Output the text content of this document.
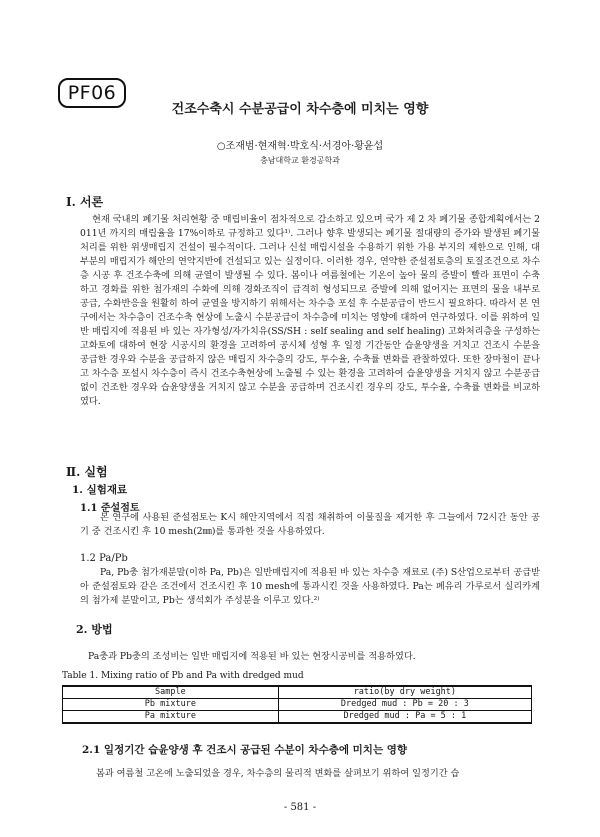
PF06
건조수축시 수분공급이 차수층에 미치는 영향
○조재범·현재혁·박호식·서경아·황윤섭
충남대학교 환경공학과
Ⅰ. 서론

현재 국내의 폐기물 처리현황 중 매립비율이 점차적으로 감소하고 있으며 국가 제 2 차 폐기물 종합계획에서는 2011년 까지의 매립율을 17%이하로 규정하고 있다¹⁾. 그러나 향후 발생되는 폐기물 절대량의 증가와 발생된 폐기물 처리를 위한 위생매립지 건설이 필수적이다. 그러나 신설 매립시설을 수용하기 위한 가용 부지의 제한으로 인해, 대부분의 매립지가 해안의 연약지반에 건설되고 있는 실정이다. 이러한 경우, 연약한 준설점토층의 토질조건으로 차수층 시공 후 건조수축에 의해 균열이 발생될 수 있다. 봄이나 여름철에는 기온이 높아 물의 증발이 빨라 표면이 수축하고 경화를 위한 첨가재의 수화에 의해 경화조직이 급격히 형성되므로 증발에 의해 없어지는 표면의 물을 내부로 공급, 수화반응을 원활히 하여 균열을 방지하기 위해서는 차수층 포설 후 수분공급이 반드시 필요하다. 따라서 본 연구에서는 차수층이 건조수축 현상에 노출시 수분공급이 차수층에 미치는 영향에 대하여 연구하였다. 이를 위하여 일반 매립지에 적용된 바 있는 자가형성/자가치유(SS/SH : self sealing and self healing) 고화처리층을 구성하는 고화토에 대하여 현장 시공시의 환경을 고려하여 공시체 성형 후 일정 기간동안 습윤양생을 거치고 건조시 수분을 공급한 경우와 수분을 공급하지 않은 매립지 차수층의 강도, 투수율, 수축률 변화를 관찰하였다. 또한 장마철이 끝나고 차수층 포설시 차수층이 즉시 건조수축현상에 노출될 수 있는 환경을 고려하여 습윤양생을 거치지 않고 수분공급 없이 건조한 경우와 습윤양생을 거치지 않고 수분을 공급하며 건조시킨 경우의 강도, 투수율, 수축률 변화를 비교하였다.

Ⅱ. 실험
1. 실험재료
1.1 준설점토

본 연구에 사용된 준설점토는 K시 해안지역에서 직접 채취하여 이물질을 제거한 후 그늘에서 72시간 동안 공기 중 건조시킨 후 10 mesh(2㎜)를 통과한 것을 사용하였다.

1.2 Pa/Pb

Pa, Pb충 첨가재분말(이하 Pa, Pb)은 일반매립지에 적용된 바 있는 차수층 재료로 (주) S산업으로부터 공급받아 준설점토와 같은 조건에서 건조시킨 후 10 mesh에 통과시킨 것을 사용하였다. Pa는 폐유리 가루로서 실리카계의 첨가제 분말이고, Pb는 생석회가 주성분을 이루고 있다.²⁾

2. 방법

Pa충과 Pb충의 조성비는 일반 매립지에 적용된 바 있는 현장시공비를 적용하였다.

Table 1. Mixing ratio of Pb and Pa with dredged mud
Sample	ratio(by dry weight)
Pb mixture	Dredged mud : Pb = 20 : 3
Pa mixture	Dredged mud : Pa = 5 : 1
2.1 일정기간 습윤양생 후 건조시 공급된 수분이 차수층에 미치는 영향

봄과 여름철 고온에 노출되었을 경우, 차수층의 물리적 변화를 살펴보기 위하여 일정기간 습

- 581 -
